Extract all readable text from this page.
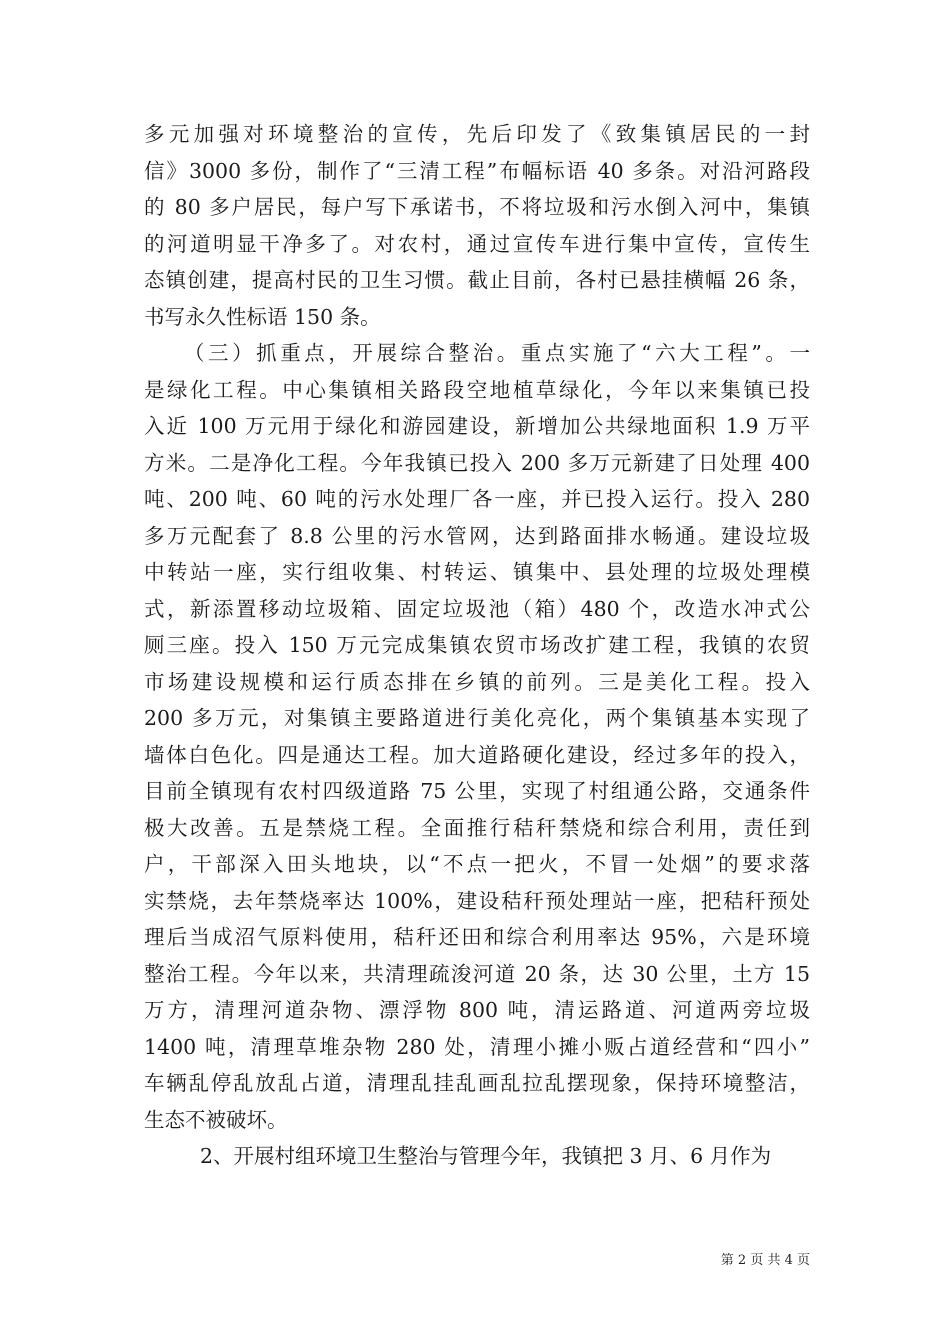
多元加强对环境整治的宣传，先后印发了《致集镇居民的一封
信》3000 多份，制作了“三清工程”布幅标语 40 多条。对沿河路段
的 80 多户居民，每户写下承诺书，不将垃圾和污水倒入河中，集镇
的河道明显干净多了。对农村，通过宣传车进行集中宣传，宣传生
态镇创建，提高村民的卫生习惯。截止目前，各村已悬挂横幅 26 条，
书写永久性标语 150 条。
（三）抓重点，开展综合整治。重点实施了“六大工程”。一
是绿化工程。中心集镇相关路段空地植草绿化，今年以来集镇已投
入近 100 万元用于绿化和游园建设，新增加公共绿地面积 1.9 万平
方米。二是净化工程。今年我镇已投入 200 多万元新建了日处理 400
吨、200 吨、60 吨的污水处理厂各一座，并已投入运行。投入 280
多万元配套了 8.8 公里的污水管网，达到路面排水畅通。建设垃圾
中转站一座，实行组收集、村转运、镇集中、县处理的垃圾处理模
式，新添置移动垃圾箱、固定垃圾池（箱）480 个，改造水冲式公
厕三座。投入 150 万元完成集镇农贸市场改扩建工程，我镇的农贸
市场建设规模和运行质态排在乡镇的前列。三是美化工程。投入
200 多万元，对集镇主要路道进行美化亮化，两个集镇基本实现了
墙体白色化。四是通达工程。加大道路硬化建设，经过多年的投入，
目前全镇现有农村四级道路 75 公里，实现了村组通公路，交通条件
极大改善。五是禁烧工程。全面推行秸秆禁烧和综合利用，责任到
户，干部深入田头地块，以“不点一把火，不冒一处烟”的要求落
实禁烧，去年禁烧率达 100%，建设秸秆预处理站一座，把秸秆预处
理后当成沼气原料使用，秸秆还田和综合利用率达 95%，六是环境
整治工程。今年以来，共清理疏浚河道 20 条，达 30 公里，土方 15
万方，清理河道杂物、漂浮物 800 吨，清运路道、河道两旁垃圾
1400 吨，清理草堆杂物 280 处，清理小摊小贩占道经营和“四小”
车辆乱停乱放乱占道，清理乱挂乱画乱拉乱摆现象，保持环境整洁，
生态不被破坏。
2、开展村组环境卫生整治与管理今年，我镇把 3 月、6 月作为
第 2 页 共 4 页
